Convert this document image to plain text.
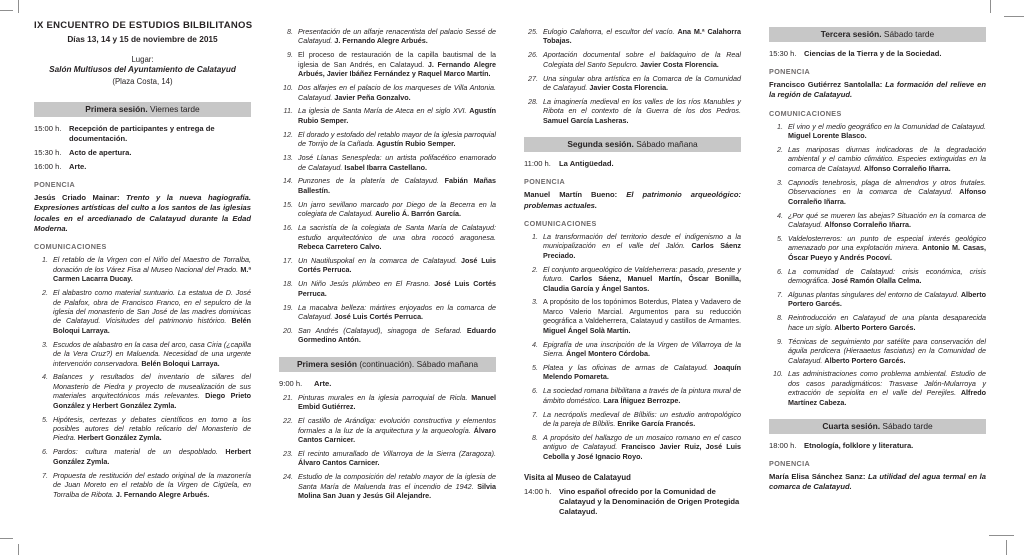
IX ENCUENTRO DE ESTUDIOS BILBILITANOS
Días 13, 14 y 15 de noviembre de 2015
Lugar:
Salón Multiusos del Ayuntamiento de Calatayud
(Plaza Costa, 14)
Primera sesión. Viernes tarde
15:00 h. Recepción de participantes y entrega de documentación.
15:30 h. Acto de apertura.
16:00 h. Arte.
PONENCIA
Jesús Criado Mainar: Trento y la nueva hagiografía. Expresiones artísticas del culto a los santos de las iglesias locales en el arcedianado de Calatayud durante la Edad Moderna.
COMUNICACIONES
1. El retablo de la Virgen con el Niño del Maestro de Torralba, donación de los Várez Fisa al Museo Nacional del Prado. M.ª Carmen Lacarra Ducay.
2. El alabastro como material suntuario. La estatua de D. José de Palafox, obra de Francisco Franco, en el sepulcro de la iglesia del monasterio de San José de las madres dominicas de Calatayud. Vicisitudes del patrimonio histórico. Belén Boloqui Larraya.
3. Escudos de alabastro en la casa del arco, casa Ciria (¿capilla de la Vera Cruz?) en Maluenda. Necesidad de una urgente intervención conservadora. Belén Boloqui Larraya.
4. Balances y resultados del inventario de sillares del Monasterio de Piedra y proyecto de musealización de sus materiales arquitectónicos más relevantes. Diego Prieto González y Herbert González Zymla.
5. Hipótesis, certezas y debates científicos en torno a los posibles autores del retablo relicario del Monasterio de Piedra. Herbert González Zymla.
6. Pardos: cultura material de un despoblado. Herbert González Zymla.
7. Propuesta de restitución del estado original de la mazonería de Juan Moreto en el retablo de la Virgen de Cigüela, en Torralba de Ribota. J. Fernando Alegre Arbués.
8. Presentación de un alfarje renacentista del palacio Sessé de Calatayud. J. Fernando Alegre Arbués.
9. El proceso de restauración de la capilla bautismal de la iglesia de San Andrés, en Calatayud. J. Fernando Alegre Arbués, Javier Ibáñez Fernández y Raquel Marco Martín.
10. Dos alfarjes en el palacio de los marqueses de Villa Antonia. Calatayud. Javier Peña Gonzalvo.
11. La iglesia de Santa María de Ateca en el siglo XVI. Agustín Rubio Semper.
12. El dorado y estofado del retablo mayor de la iglesia parroquial de Torrijo de la Cañada. Agustín Rubio Semper.
13. José Llanas Senespleda: un artista polifacético enamorado de Calatayud. Isabel Ibarra Castellano.
14. Punzones de la platería de Calatayud. Fabián Mañas Ballestín.
15. Un jarro sevillano marcado por Diego de la Becerra en la colegiata de Calatayud. Aurelio Á. Barrón García.
16. La sacristía de la colegiata de Santa María de Calatayud: estudio arquitectónico de una obra rococó aragonesa. Rebeca Carretero Calvo.
17. Un Nautiluspokal en la comarca de Calatayud. José Luis Cortés Perruca.
18. Un Niño Jesús plúmbeo en El Frasno. José Luis Cortés Perruca.
19. La macabra belleza: mártires enjoyados en la comarca de Calatayud. José Luis Cortés Perruca.
20. San Andrés (Calatayud), sinagoga de Sefarad. Eduardo Gormedino Antón.
Primera sesión (continuación). Sábado mañana
9:00 h.	Arte.
21. Pinturas murales en la iglesia parroquial de Ricla. Manuel Embid Gutiérrez.
22. El castillo de Arándiga: evolución constructiva y elementos formales a la luz de la arquitectura y la arqueología. Álvaro Cantos Carnicer.
23. El recinto amurallado de Villarroya de la Sierra (Zaragoza). Álvaro Cantos Carnicer.
24. Estudio de la composición del retablo mayor de la iglesia de Santa María de Maluenda tras el incendio de 1942. Silvia Molina San Juan y Jesús Gil Alejandre.
25. Eulogio Calahorra, el escultor del vacío. Ana M.ª Calahorra Tobajas.
26. Aportación documental sobre el baldaquino de la Real Colegiata del Santo Sepulcro. Javier Costa Florencia.
27. Una singular obra artística en la Comarca de la Comunidad de Calatayud. Javier Costa Florencia.
28. La imaginería medieval en los valles de los ríos Manubles y Ribota en el contexto de la Guerra de los dos Pedros. Samuel García Lasheras.
Segunda sesión. Sábado mañana
11:00 h.	La Antigüedad.
PONENCIA
Manuel Martín Bueno: El patrimonio arqueológico: problemas actuales.
COMUNICACIONES
1. La transformación del territorio desde el indigenismo a la municipalización en el valle del Jalón. Carlos Sáenz Preciado.
2. El conjunto arqueológico de Valdeherrera: pasado, presente y futuro. Carlos Sáenz, Manuel Martín, Óscar Bonilla, Claudia García y Ángel Santos.
3. A propósito de los topónimos Boterdus, Platea y Vadavero de Marco Valerio Marcial. Argumentos para su reducción geográfica a Valdeherrera, Calatayud y castillos de Armantes. Miguel Ángel Solà Martín.
4. Epigrafía de una inscripción de la Virgen de Villarroya de la Sierra. Ángel Montero Córdoba.
5. Platea y las oficinas de armas de Calatayud. Joaquín Melendo Pomareta.
6. La sociedad romana bilbilitana a través de la pintura mural de ámbito doméstico. Lara Íñiguez Berrozpe.
7. La necrópolis medieval de Bílbilis: un estudio antropológico de la pareja de Bílbilis. Enrike García Francés.
8. A propósito del hallazgo de un mosaico romano en el casco antiguo de Calatayud. Francisco Javier Ruiz, José Luis Cebolla y José Ignacio Royo.
Visita al Museo de Calatayud
14:00 h. Vino español ofrecido por la Comunidad de Calatayud y la Denominación de Origen Protegida Calatayud.
Tercera sesión. Sábado tarde
15:30 h. Ciencias de la Tierra y de la Sociedad.
PONENCIA
Francisco Gutiérrez Santolalla: La formación del relieve en la región de Calatayud.
COMUNICACIONES
1. El vino y el medio geográfico en la Comunidad de Calatayud. Miguel Lorente Blasco.
2. Las mariposas diurnas indicadoras de la degradación ambiental y el cambio climático. Especies extinguidas en la comarca de Calatayud. Alfonso Corraleño Iñarra.
3. Capnodis tenebrosis, plaga de almendros y otros frutales. Observaciones en la comarca de Calatayud. Alfonso Corraleño Iñarra.
4. ¿Por qué se mueren las abejas? Situación en la comarca de Calatayud. Alfonso Corraleño Iñarra.
5. Valdelosterreros: un punto de especial interés geológico amenazado por una explotación minera. Antonio M. Casas, Óscar Pueyo y Andrés Pocoví.
6. La comunidad de Calatayud: crisis económica, crisis demográfica. José Ramón Olalla Celma.
7. Algunas plantas singulares del entorno de Calatayud. Alberto Portero Garcés.
8. Reintroducción en Calatayud de una planta desaparecida hace un siglo. Alberto Portero Garcés.
9. Técnicas de seguimiento por satélite para conservación del águila perdicera (Hieraaetus fasciatus) en la Comunidad de Calatayud. Alberto Portero Garcés.
10. Las administraciones como problema ambiental. Estudio de dos casos paradigmáticos: Trasvase Jalón-Mularroya y extracción de sepiolita en el valle del Perejiles. Alfredo Martínez Cabeza.
Cuarta sesión. Sábado tarde
18:00 h. Etnología, folklore y literatura.
PONENCIA
María Elisa Sánchez Sanz: La utilidad del agua termal en la comarca de Calatayud.
